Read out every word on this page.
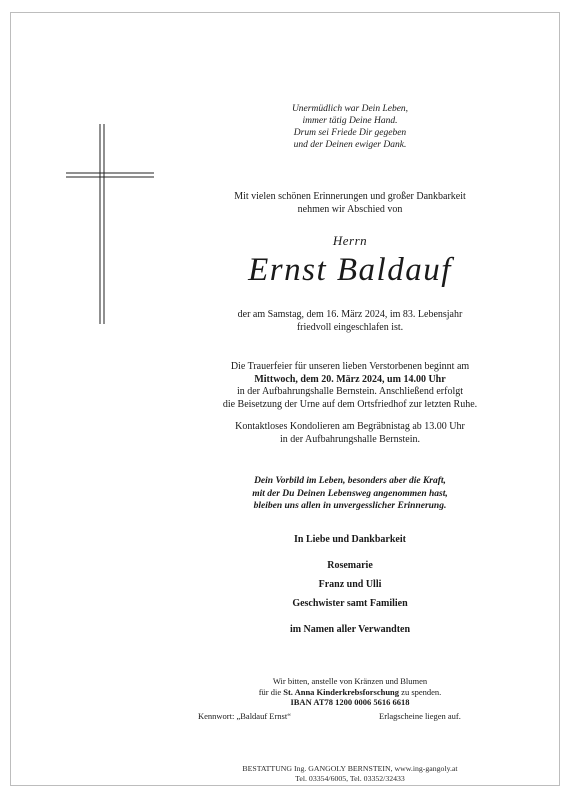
Unermüdlich war Dein Leben,
immer tätig Deine Hand.
Drum sei Friede Dir gegeben
und der Deinen ewiger Dank.
Mit vielen schönen Erinnerungen und großer Dankbarkeit
nehmen wir Abschied von
Herrn
Ernst Baldauf
der am Samstag, dem 16. März 2024, im 83. Lebensjahr
friedvoll eingeschlafen ist.
Die Trauerfeier für unseren lieben Verstorbenen beginnt am
Mittwoch, dem 20. März 2024, um 14.00 Uhr
in der Aufbahrungshalle Bernstein. Anschließend erfolgt
die Beisetzung der Urne auf dem Ortsfriedhof zur letzten Ruhe.
Kontaktloses Kondolieren am Begräbnistag ab 13.00 Uhr
in der Aufbahrungshalle Bernstein.
Dein Vorbild im Leben, besonders aber die Kraft,
mit der Du Deinen Lebensweg angenommen hast,
bleiben uns allen in unvergesslicher Erinnerung.
In Liebe und Dankbarkeit
Rosemarie
Franz und Ulli
Geschwister samt Familien
im Namen aller Verwandten
Wir bitten, anstelle von Kränzen und Blumen
für die St. Anna Kinderkrebsforschung zu spenden.
IBAN AT78 1200 0006 5616 6618
Kennwort: „Baldauf Ernst“	Erlagscheine liegen auf.
BESTATTUNG Ing. GANGOLY BERNSTEIN, www.ing-gangoly.at
Tel. 03354/6005, Tel. 03352/32433
